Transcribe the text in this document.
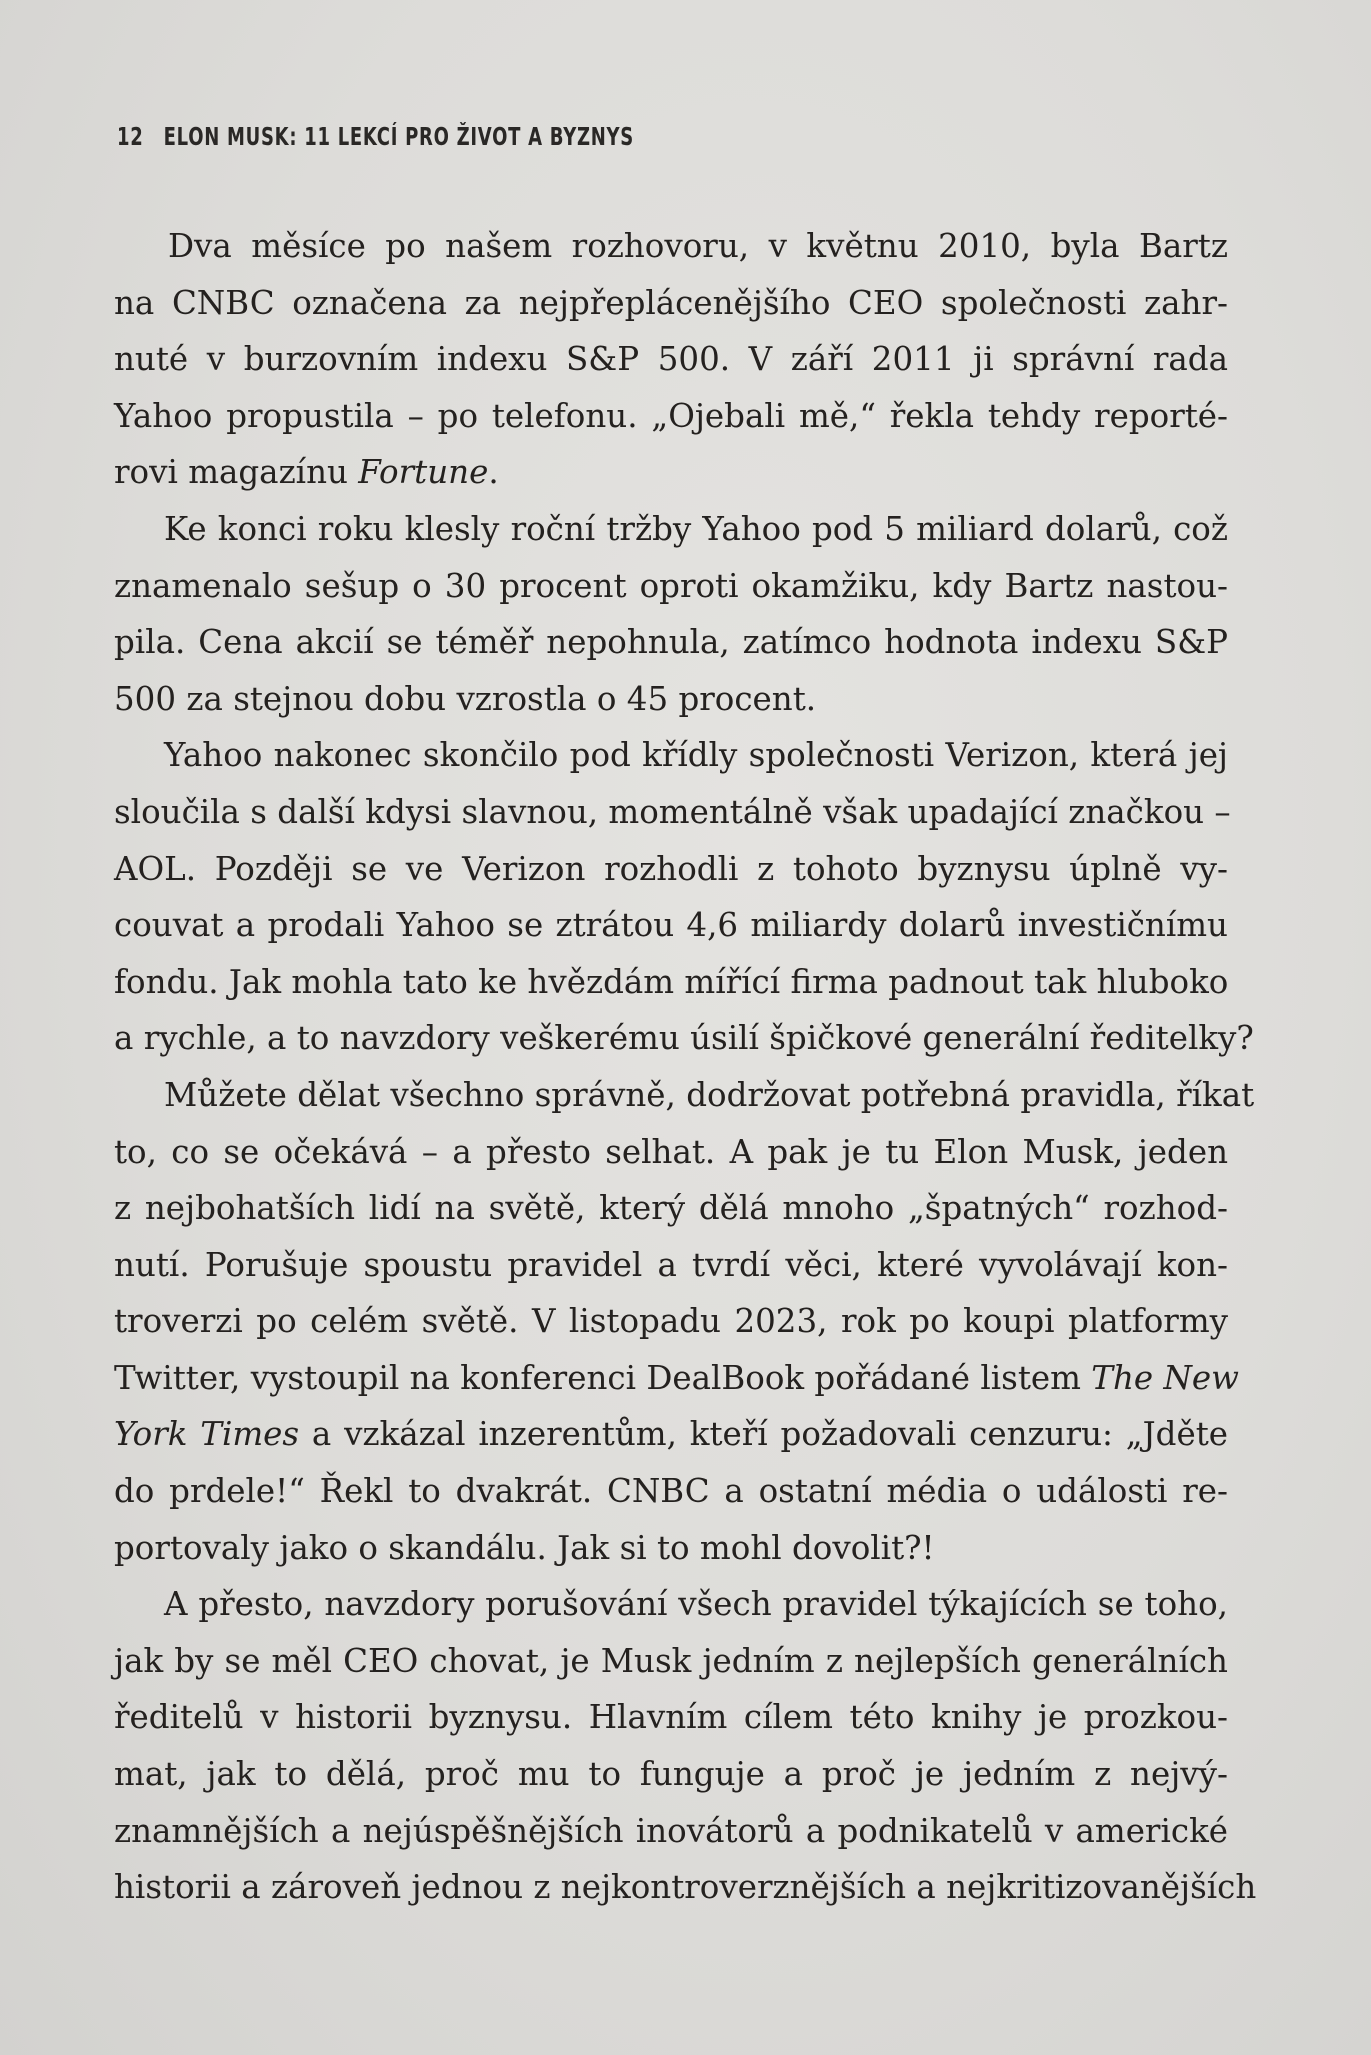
12 ELON MUSK: 11 LEKCÍ PRO ŽIVOT A BYZNYS

Dva měsíce po našem rozhovoru, v květnu 2010, byla Bartz
na CNBC označena za nejpřeplácenějšího CEO společnosti zahr-
nuté v burzovním indexu S&P 500. V září 2011 ji správní rada
Yahoo propustila – po telefonu. „Ojebali mě,“ řekla tehdy reporté-
rovi magazínu Fortune.

Ke konci roku klesly roční tržby Yahoo pod 5 miliard dolarů, což
znamenalo sešup o 30 procent oproti okamžiku, kdy Bartz nastou-
pila. Cena akcií se téměř nepohnula, zatímco hodnota indexu S&P
500 za stejnou dobu vzrostla o 45 procent.

Yahoo nakonec skončilo pod křídly společnosti Verizon, která jej
sloučila s další kdysi slavnou, momentálně však upadající značkou –
AOL. Později se ve Verizon rozhodli z tohoto byznysu úplně vy-
couvat a prodali Yahoo se ztrátou 4,6 miliardy dolarů investičnímu
fondu. Jak mohla tato ke hvězdám mířící firma padnout tak hluboko
a rychle, a to navzdory veškerému úsilí špičkové generální ředitelky?

Můžete dělat všechno správně, dodržovat potřebná pravidla, říkat
to, co se očekává – a přesto selhat. A pak je tu Elon Musk, jeden
z nejbohatších lidí na světě, který dělá mnoho „špatných“ rozhod-
nutí. Porušuje spoustu pravidel a tvrdí věci, které vyvolávají kon-
troverzi po celém světě. V listopadu 2023, rok po koupi platformy
Twitter, vystoupil na konferenci DealBook pořádané listem The New
York Times a vzkázal inzerentům, kteří požadovali cenzuru: „Jděte
do prdele!“ Řekl to dvakrát. CNBC a ostatní média o události re-
portovaly jako o skandálu. Jak si to mohl dovolit?!

A přesto, navzdory porušování všech pravidel týkajících se toho,
jak by se měl CEO chovat, je Musk jedním z nejlepších generálních
ředitelů v historii byznysu. Hlavním cílem této knihy je prozkou-
mat, jak to dělá, proč mu to funguje a proč je jedním z nejvý-
znamnějších a nejúspěšnějších inovátorů a podnikatelů v americké
historii a zároveň jednou z nejkontroverznějších a nejkritizovanějších
